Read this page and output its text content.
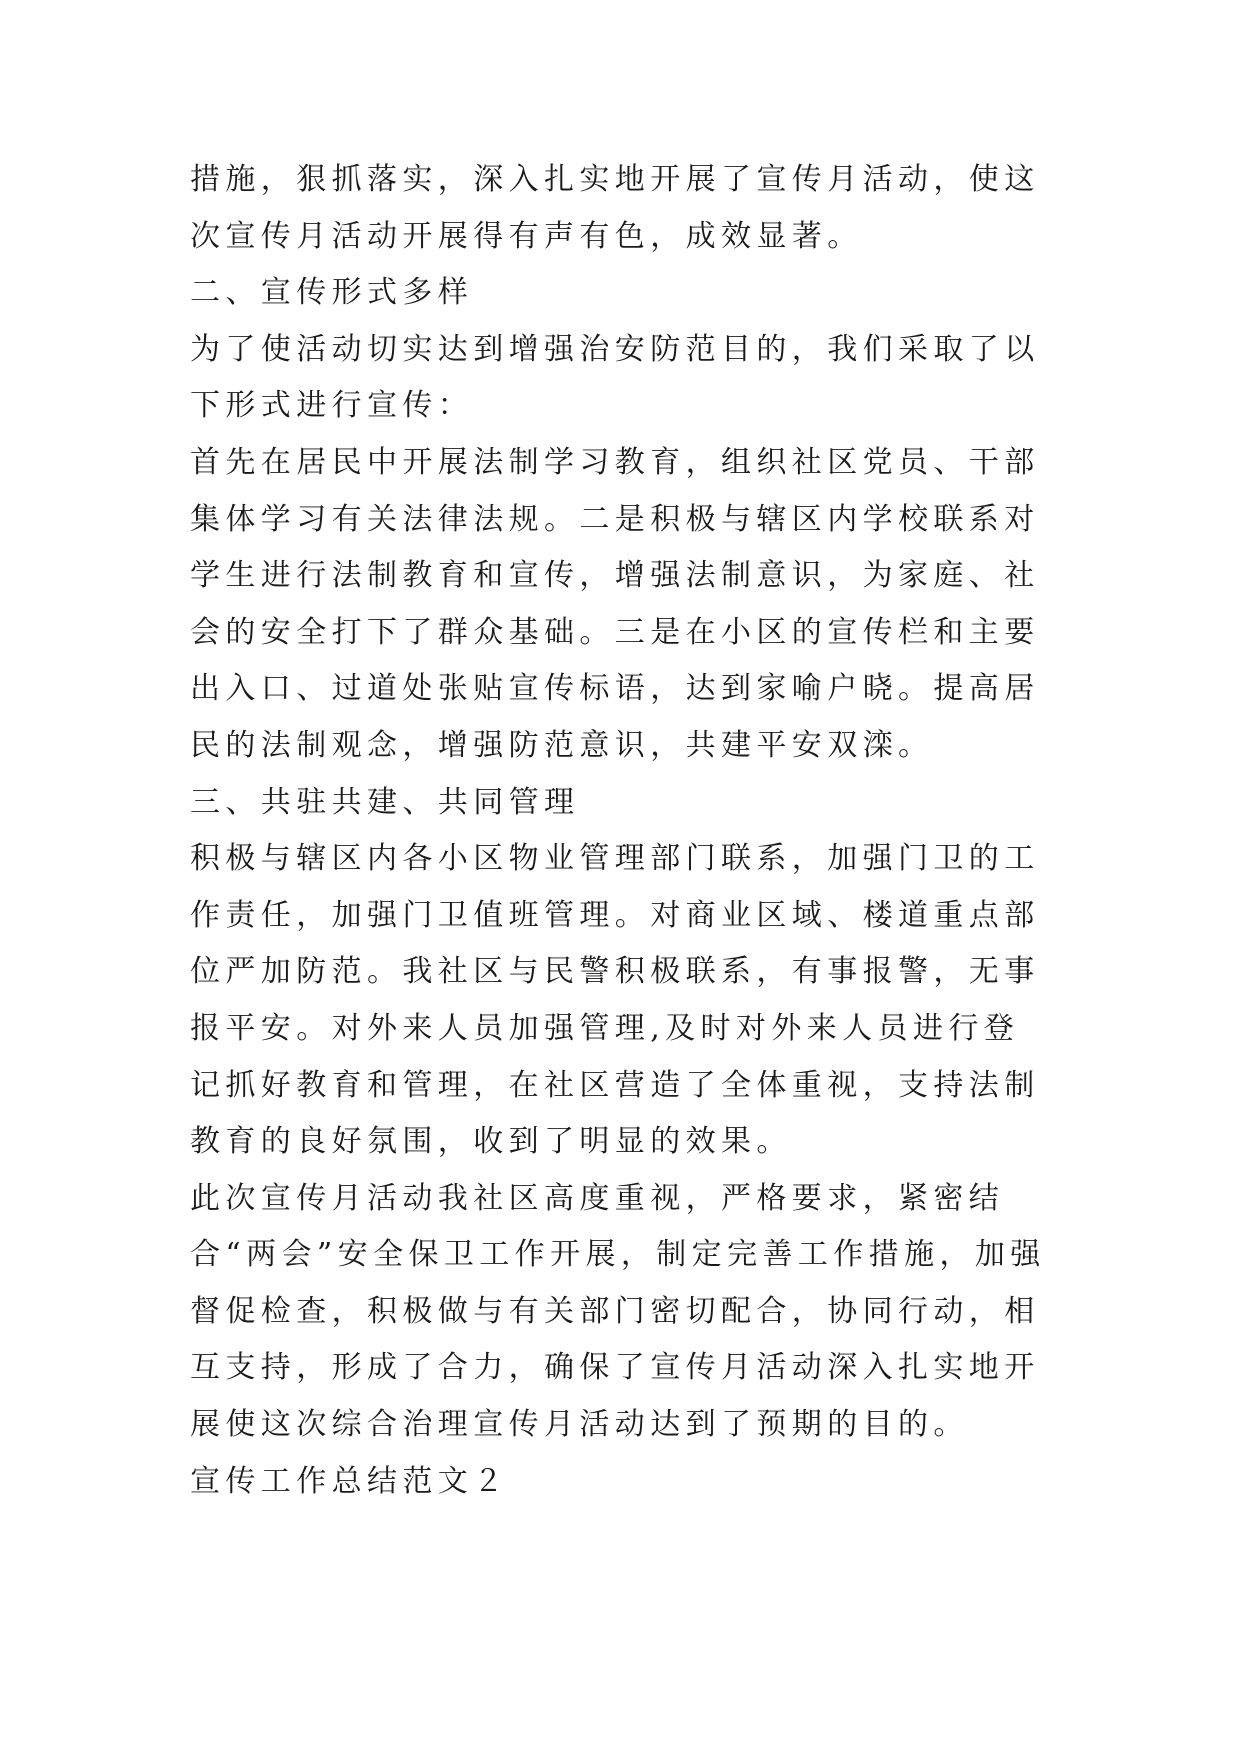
措施，狠抓落实，深入扎实地开展了宣传月活动，使这次宣传月活动开展得有声有色，成效显著。

二、宣传形式多样

为了使活动切实达到增强治安防范目的，我们采取了以下形式进行宣传：

首先在居民中开展法制学习教育，组织社区党员、干部集体学习有关法律法规。二是积极与辖区内学校联系对学生进行法制教育和宣传，增强法制意识，为家庭、社会的安全打下了群众基础。三是在小区的宣传栏和主要出入口、过道处张贴宣传标语，达到家喻户晓。提高居民的法制观念，增强防范意识，共建平安双滦。

三、共驻共建、共同管理

积极与辖区内各小区物业管理部门联系，加强门卫的工作责任，加强门卫值班管理。对商业区域、楼道重点部位严加防范。我社区与民警积极联系，有事报警，无事报平安。对外来人员加强管理,及时对外来人员进行登记抓好教育和管理，在社区营造了全体重视，支持法制教育的良好氛围，收到了明显的效果。

此次宣传月活动我社区高度重视，严格要求，紧密结合“两会”安全保卫工作开展，制定完善工作措施，加强督促检查，积极做与有关部门密切配合，协同行动，相互支持，形成了合力，确保了宣传月活动深入扎实地开展使这次综合治理宣传月活动达到了预期的目的。

宣传工作总结范文２
